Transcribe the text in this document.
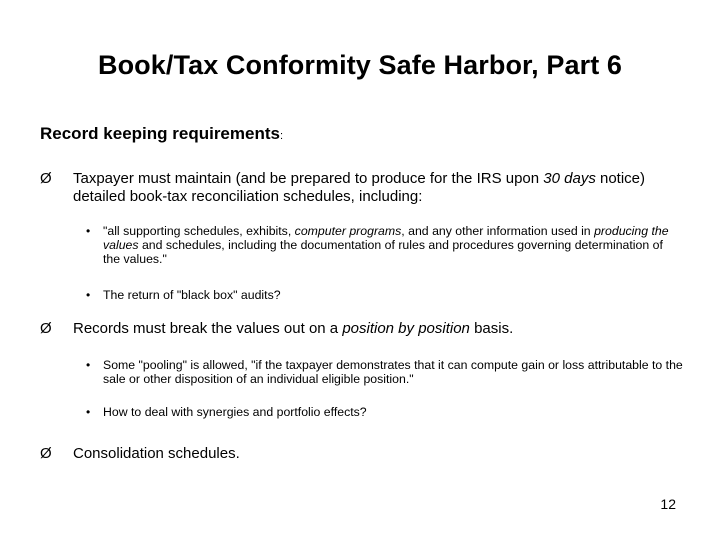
Book/Tax Conformity Safe Harbor, Part 6
Record keeping requirements:
Ø Taxpayer must maintain (and be prepared to produce for the IRS upon 30 days notice) detailed book-tax reconciliation schedules, including:
• "all supporting schedules, exhibits, computer programs, and any other information used in producing the values and schedules, including the documentation of rules and procedures governing determination of the values."
• The return of "black box" audits?
Ø Records must break the values out on a position by position basis.
• Some "pooling" is allowed, "if the taxpayer demonstrates that it can compute gain or loss attributable to the sale or other disposition of an individual eligible position."
• How to deal with synergies and portfolio effects?
Ø Consolidation schedules.
12
